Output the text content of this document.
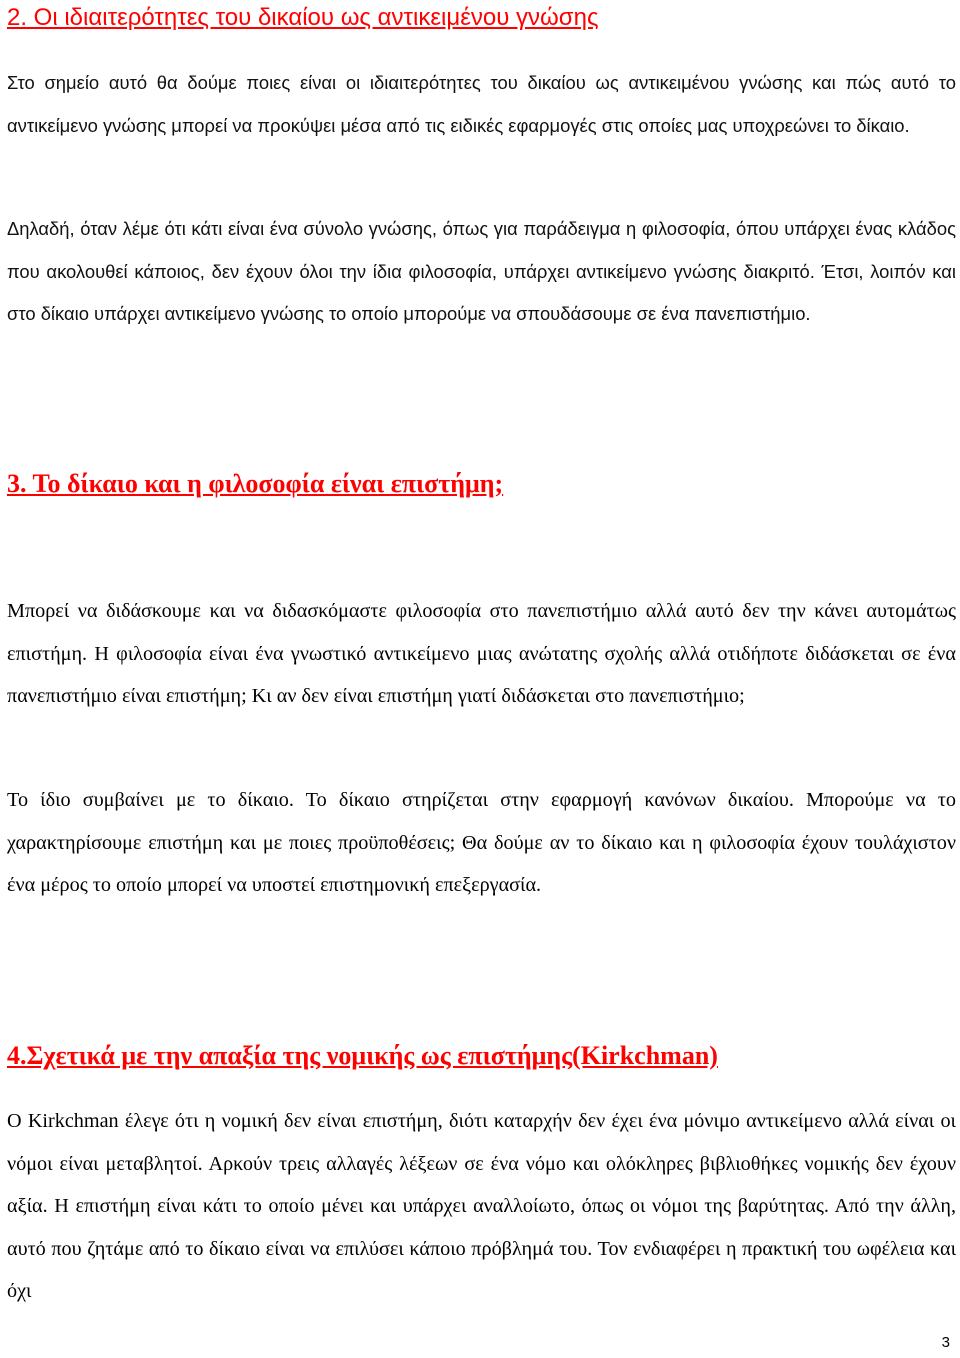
2. Οι ιδιαιτερότητες του δικαίου ως αντικειμένου γνώσης

Στο σημείο αυτό θα δούμε ποιες είναι οι ιδιαιτερότητες του δικαίου ως αντικειμένου γνώσης και πώς αυτό το αντικείμενο γνώσης μπορεί να προκύψει μέσα από τις ειδικές εφαρμογές στις οποίες μας υποχρεώνει το δίκαιο.

Δηλαδή, όταν λέμε ότι κάτι είναι ένα σύνολο γνώσης, όπως για παράδειγμα η φιλοσοφία, όπου υπάρχει ένας κλάδος που ακολουθεί κάποιος, δεν έχουν όλοι την ίδια φιλοσοφία, υπάρχει αντικείμενο γνώσης διακριτό. Έτσι, λοιπόν και στο δίκαιο υπάρχει αντικείμενο γνώσης το οποίο μπορούμε να σπουδάσουμε σε ένα πανεπιστήμιο.

3. Το δίκαιο και η φιλοσοφία είναι επιστήμη;

Μπορεί να διδάσκουμε και να διδασκόμαστε φιλοσοφία στο πανεπιστήμιο αλλά αυτό δεν την κάνει αυτομάτως επιστήμη. Η φιλοσοφία είναι ένα γνωστικό αντικείμενο μιας ανώτατης σχολής αλλά οτιδήποτε διδάσκεται σε ένα πανεπιστήμιο είναι επιστήμη; Κι αν δεν είναι επιστήμη γιατί διδάσκεται στο πανεπιστήμιο;

Το ίδιο συμβαίνει με το δίκαιο. Το δίκαιο στηρίζεται στην εφαρμογή κανόνων δικαίου. Μπορούμε να το χαρακτηρίσουμε επιστήμη και με ποιες προϋποθέσεις; Θα δούμε αν το δίκαιο και η φιλοσοφία έχουν τουλάχιστον ένα μέρος το οποίο μπορεί να υποστεί επιστημονική επεξεργασία.

4.Σχετικά με την απαξία της νομικής ως επιστήμης(Kirkchman)

Ο Kirkchman έλεγε ότι η νομική δεν είναι επιστήμη, διότι καταρχήν δεν έχει ένα μόνιμο αντικείμενο αλλά είναι οι νόμοι είναι μεταβλητοί. Αρκούν τρεις αλλαγές λέξεων σε ένα νόμο και ολόκληρες βιβλιοθήκες νομικής δεν έχουν αξία. Η επιστήμη είναι κάτι το οποίο μένει και υπάρχει αναλλοίωτο, όπως οι νόμοι της βαρύτητας. Από την άλλη, αυτό που ζητάμε από το δίκαιο είναι να επιλύσει κάποιο πρόβλημά του. Τον ενδιαφέρει η πρακτική του ωφέλεια και όχι

3
